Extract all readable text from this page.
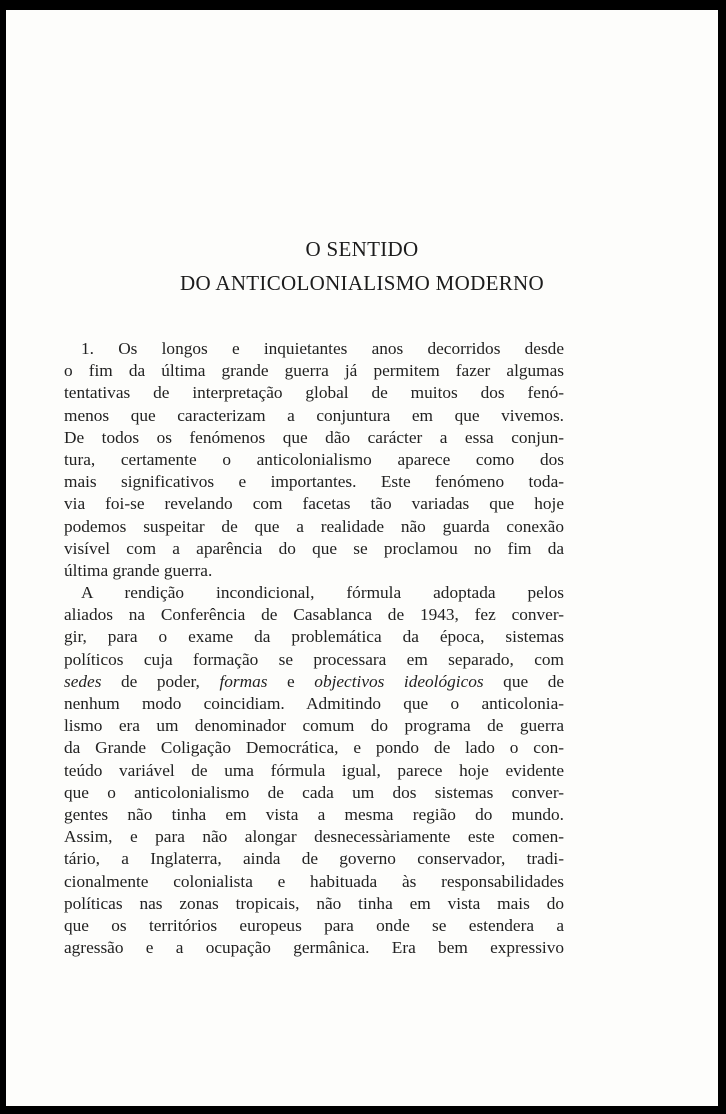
O SENTIDO
DO ANTICOLONIALISMO MODERNO
1. Os longos e inquietantes anos decorridos desde
o fim da última grande guerra já permitem fazer algumas
tentativas de interpretação global de muitos dos fenó-
menos que caracterizam a conjuntura em que vivemos.
De todos os fenómenos que dão carácter a essa conjun-
tura, certamente o anticolonialismo aparece como dos
mais significativos e importantes. Este fenómeno toda-
via foi-se revelando com facetas tão variadas que hoje
podemos suspeitar de que a realidade não guarda conexão
visível com a aparência do que se proclamou no fim da
última grande guerra.
A rendição incondicional, fórmula adoptada pelos
aliados na Conferência de Casablanca de 1943, fez conver-
gir, para o exame da problemática da época, sistemas
políticos cuja formação se processara em separado, com
sedes de poder, formas e objectivos ideológicos que de
nenhum modo coincidiam. Admitindo que o anticolonia-
lismo era um denominador comum do programa de guerra
da Grande Coligação Democrática, e pondo de lado o con-
teúdo variável de uma fórmula igual, parece hoje evidente
que o anticolonialismo de cada um dos sistemas conver-
gentes não tinha em vista a mesma região do mundo.
Assim, e para não alongar desnecessàriamente este comen-
tário, a Inglaterra, ainda de governo conservador, tradi-
cionalmente colonialista e habituada às responsabilidades
políticas nas zonas tropicais, não tinha em vista mais do
que os territórios europeus para onde se estendera a
agressão e a ocupação germânica. Era bem expressivo
